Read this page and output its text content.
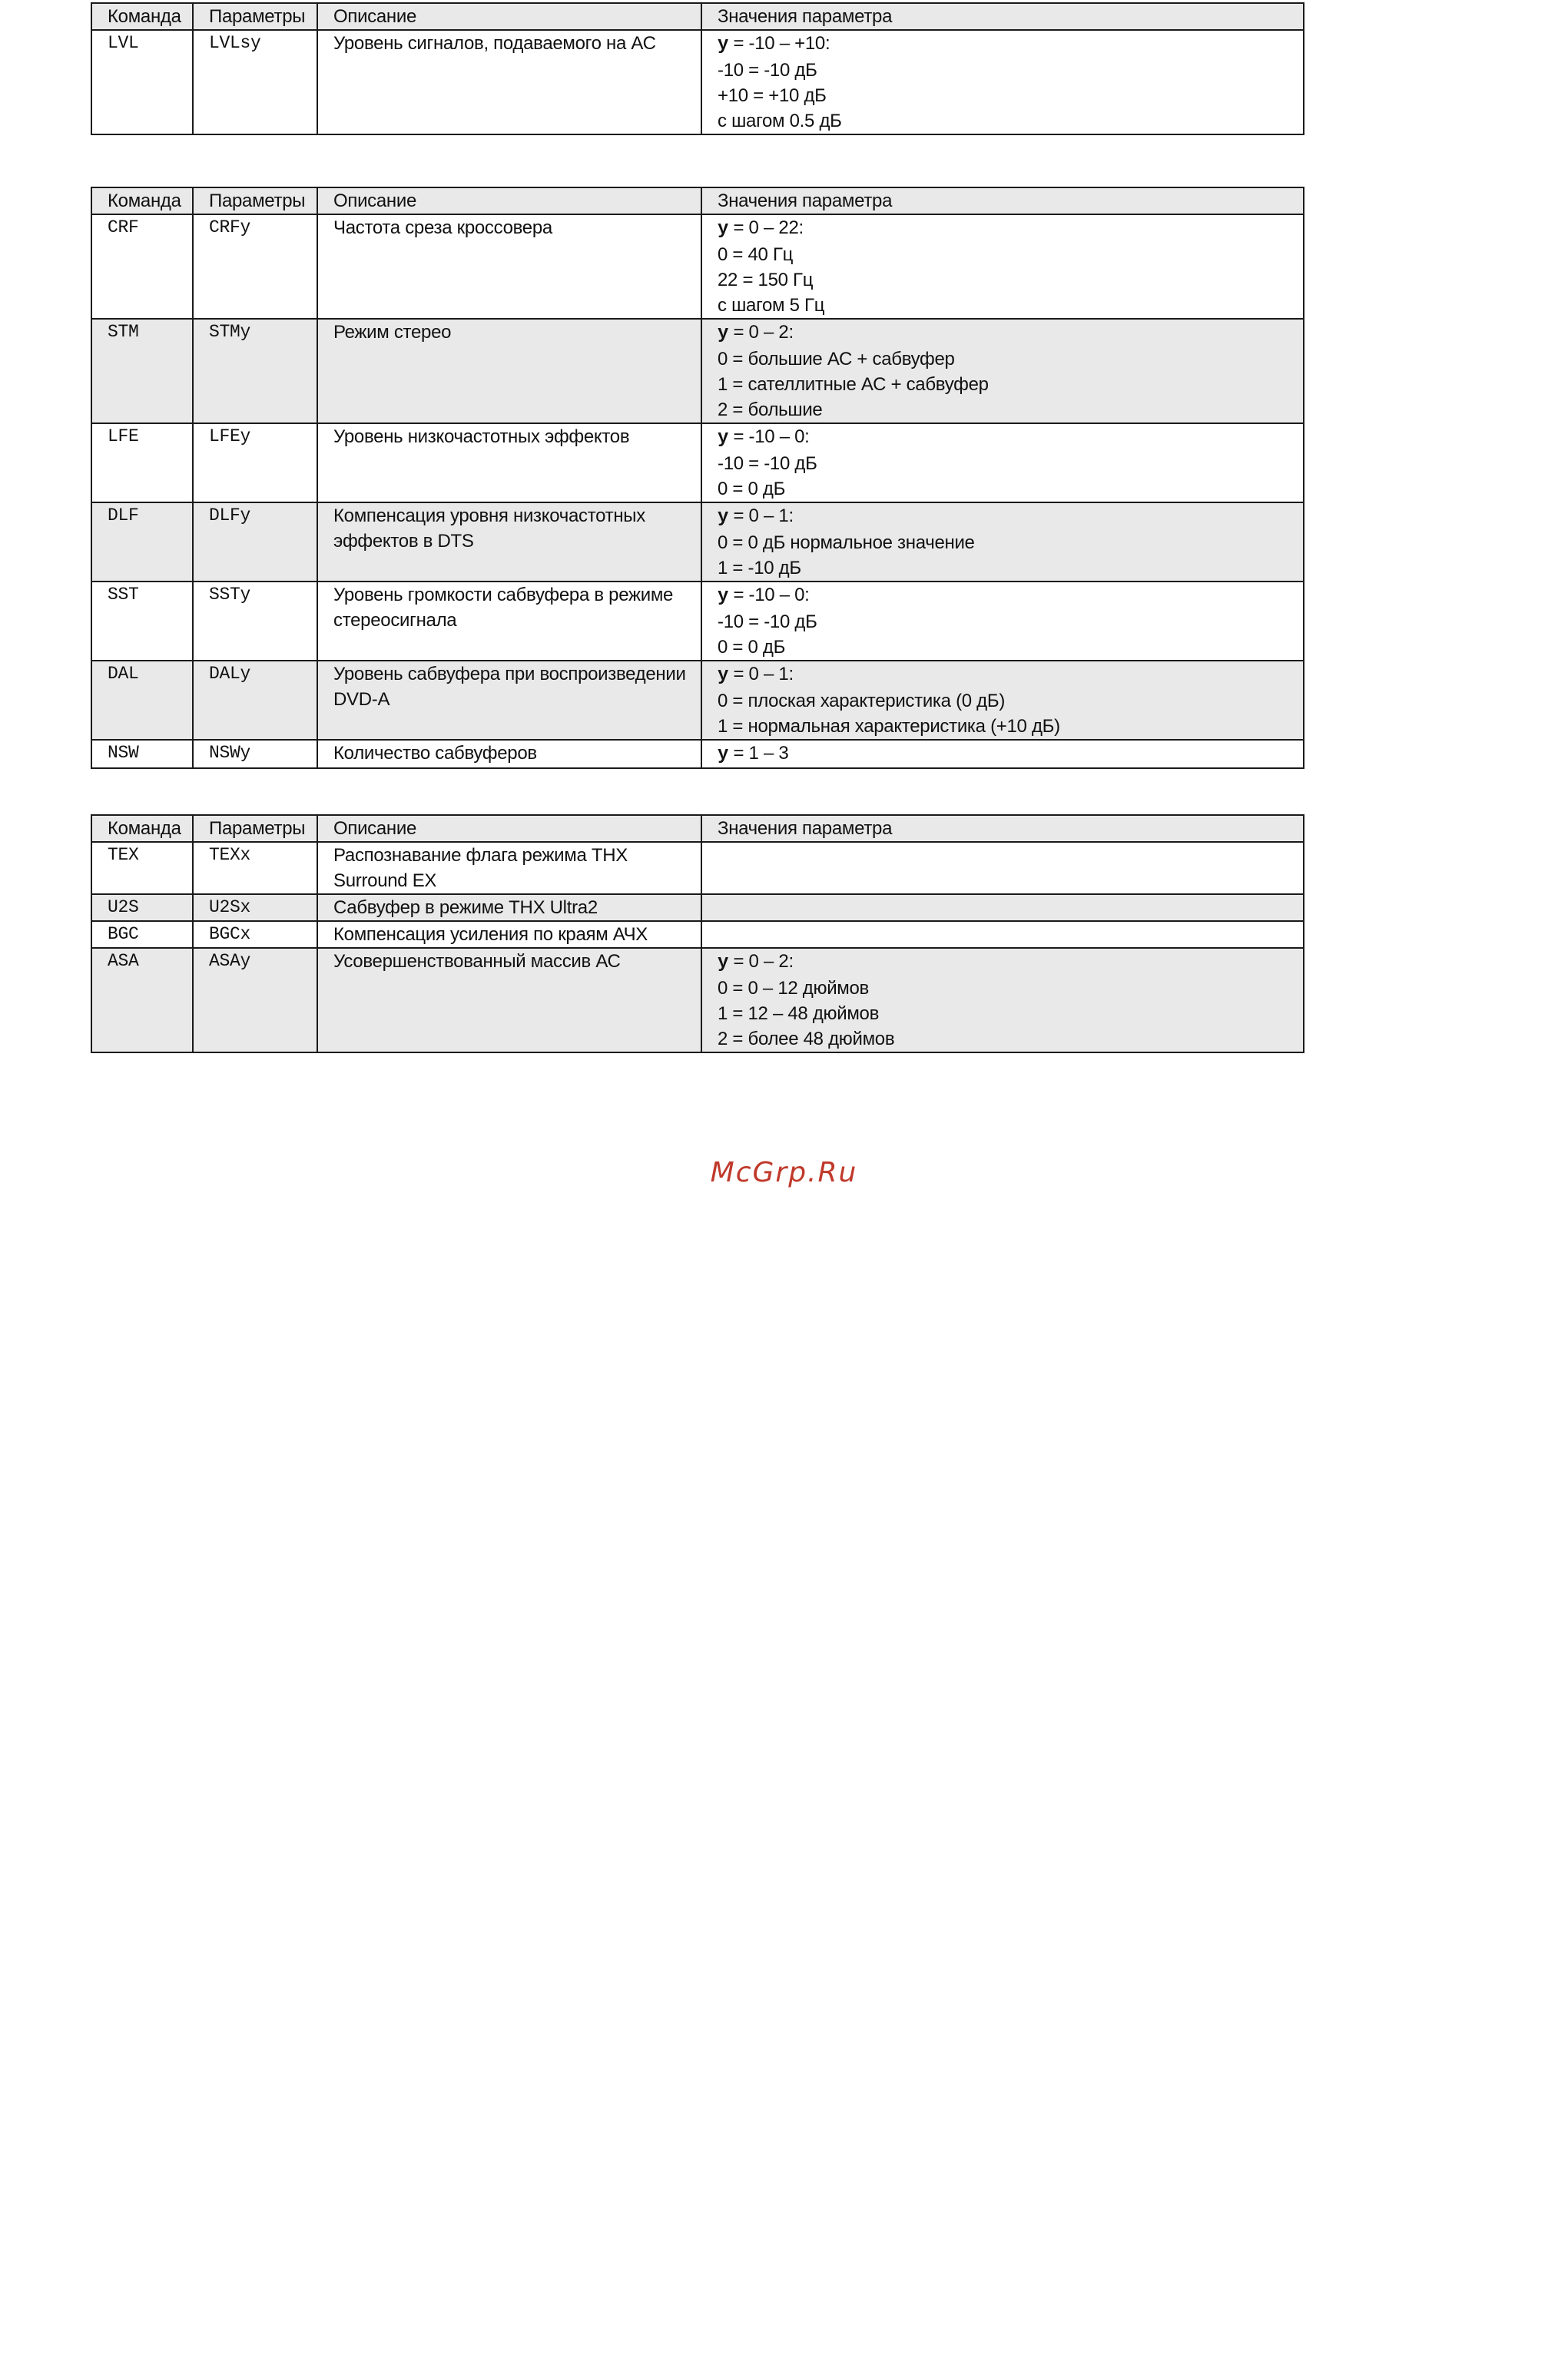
Команда	Параметры	Описание	Значения параметра
LVL	LVLsy	Уровень сигналов, подаваемого на АС	y = -10 – +10:
-10 = -10 дБ
+10 = +10 дБ
с шагом 0.5 дБ
Команда	Параметры	Описание	Значения параметра
CRF	CRFy	Частота среза кроссовера	y = 0 – 22:
0 = 40 Гц
22 = 150 Гц
с шагом 5 Гц

STM	STMy	Режим стерео	y = 0 – 2:
0 = большие АС + сабвуфер
1 = сателлитные АС + сабвуфер
2 = большие

LFE	LFEy	Уровень низкочастотных эффектов	y = -10 – 0:
-10 = -10 дБ
0 = 0 дБ

DLF	DLFy	Компенсация уровня низкочастотных эффектов в DTS	y = 0 – 1:
0 = 0 дБ нормальное значение
1 = -10 дБ

SST	SSTy	Уровень громкости сабвуфера в режиме стереосигнала	y = -10 – 0:
-10 = -10 дБ
0 = 0 дБ

DAL	DALy	Уровень сабвуфера при воспроизведении DVD-A	y = 0 – 1:
0 = плоская характеристика (0 дБ)
1 = нормальная характеристика (+10 дБ)

NSW	NSWy	Количество сабвуферов	y = 1 – 3
Команда	Параметры	Описание	Значения параметра
TEX	TEXx	Распознавание флага режима THX Surround EX	
U2S	U2Sx	Сабвуфер в режиме THX Ultra2	
BGC	BGCx	Компенсация усиления по краям АЧХ	
ASA	ASAy	Усовершенствованный массив АС	y = 0 – 2:
0 = 0 – 12 дюймов
1 = 12 – 48 дюймов
2 = более 48 дюймов
McGrp.Ru
